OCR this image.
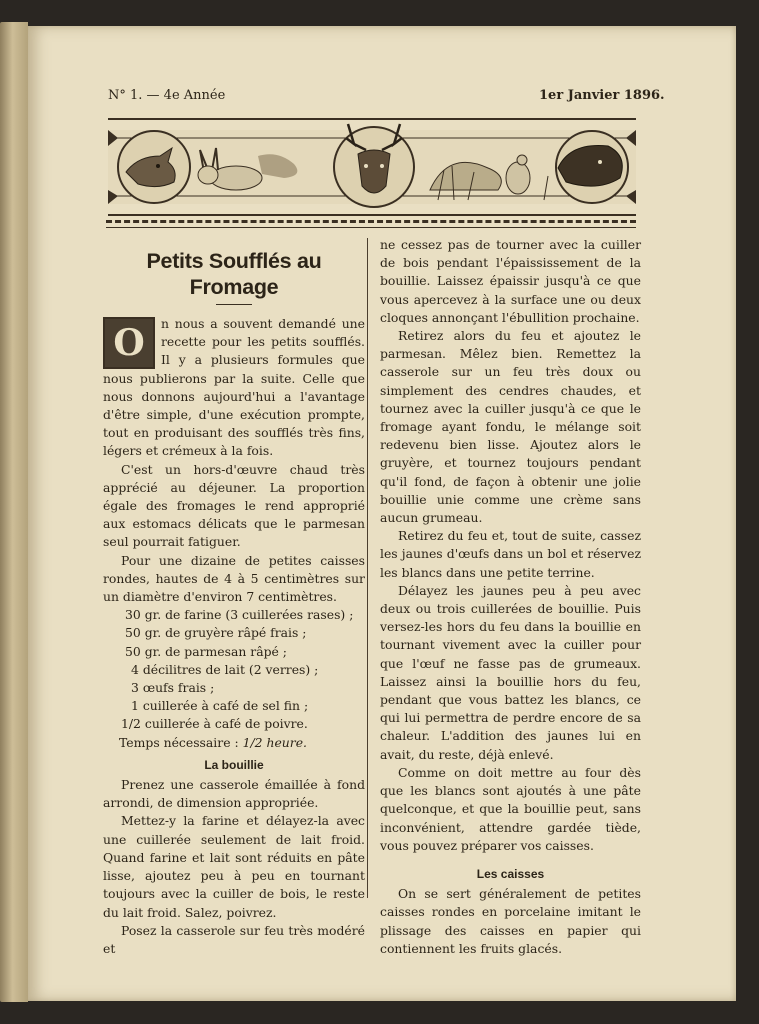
N° 1. — 4e Année	1er Janvier 1896.
Petits Soufflés au Fromage

O	n nous a souvent demandé une recette pour les petits soufflés. Il y a plusieurs formules que nous publierons par la suite. Celle que nous donnons aujourd'hui a l'avantage d'être simple, d'une exécution prompte, tout en produisant des soufflés très fins, légers et crémeux à la fois.

C'est un hors-d'œuvre chaud très apprécié au déjeuner. La proportion égale des fromages le rend approprié aux estomacs délicats que le parmesan seul pourrait fatiguer.

Pour une dizaine de petites caisses rondes, hautes de 4 à 5 centimètres sur un diamètre d'environ 7 centimètres.

30 gr. de farine (3 cuillerées rases) ;
50 gr. de gruyère râpé frais ;
50 gr. de parmesan râpé ;
4 décilitres de lait (2 verres) ;
3 œufs frais ;
1 cuillerée à café de sel fin ;
1/2 cuillerée à café de poivre.
Temps nécessaire : 1/2 heure.
La bouillie

Prenez une casserole émaillée à fond arrondi, de dimension appropriée.

Mettez-y la farine et délayez-la avec une cuillerée seulement de lait froid. Quand farine et lait sont réduits en pâte lisse, ajoutez peu à peu en tournant toujours avec la cuiller de bois, le reste du lait froid. Salez, poivrez.

Posez la casserole sur feu très modéré et

ne cessez pas de tourner avec la cuiller de bois pendant l'épaississement de la bouillie. Laissez épaissir jusqu'à ce que vous apercevez à la surface une ou deux cloques annonçant l'ébullition prochaine.

Retirez alors du feu et ajoutez le parmesan. Mêlez bien. Remettez la casserole sur un feu très doux ou simplement des cendres chaudes, et tournez avec la cuiller jusqu'à ce que le fromage ayant fondu, le mélange soit redevenu bien lisse. Ajoutez alors le gruyère, et tournez toujours pendant qu'il fond, de façon à obtenir une jolie bouillie unie comme une crème sans aucun grumeau.

Retirez du feu et, tout de suite, cassez les jaunes d'œufs dans un bol et réservez les blancs dans une petite terrine.

Délayez les jaunes peu à peu avec deux ou trois cuillerées de bouillie. Puis versez-les hors du feu dans la bouillie en tournant vivement avec la cuiller pour que l'œuf ne fasse pas de grumeaux. Laissez ainsi la bouillie hors du feu, pendant que vous battez les blancs, ce qui lui permettra de perdre encore de sa chaleur. L'addition des jaunes lui en avait, du reste, déjà enlevé.

Comme on doit mettre au four dès que les blancs sont ajoutés à une pâte quelconque, et que la bouillie peut, sans inconvénient, attendre gardée tiède, vous pouvez préparer vos caisses.

Les caisses

On se sert généralement de petites caisses rondes en porcelaine imitant le plissage des caisses en papier qui contiennent les fruits glacés.
